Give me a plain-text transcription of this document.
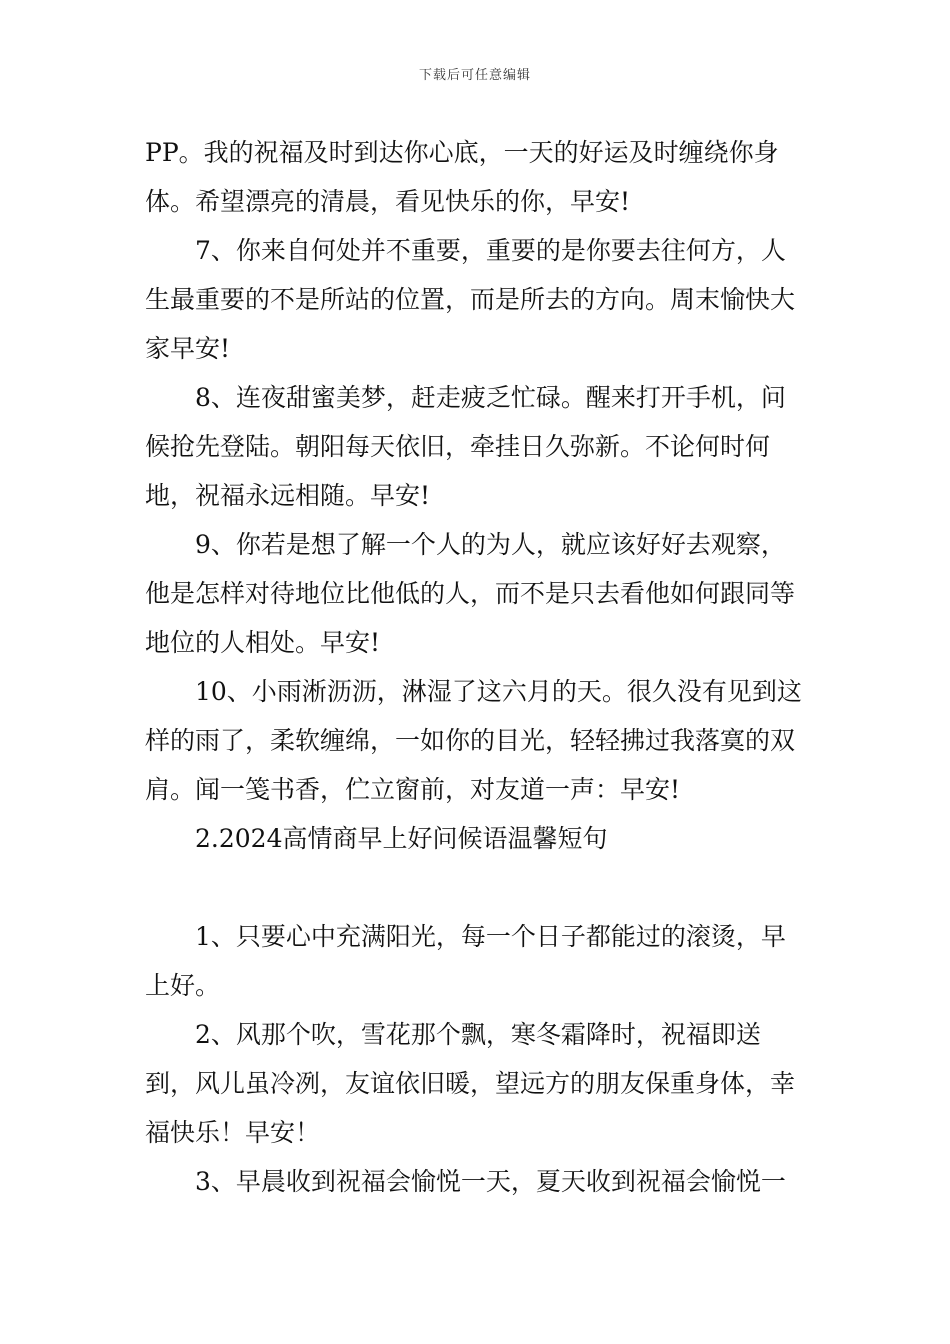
下载后可任意编辑

PP。我的祝福及时到达你心底，一天的好运及时缠绕你身体。希望漂亮的清晨，看见快乐的你，早安!

7、你来自何处并不重要，重要的是你要去往何方，人生最重要的不是所站的位置，而是所去的方向。周末愉快大家早安!

8、连夜甜蜜美梦，赶走疲乏忙碌。醒来打开手机，问候抢先登陆。朝阳每天依旧，牵挂日久弥新。不论何时何地，祝福永远相随。早安!

9、你若是想了解一个人的为人，就应该好好去观察，他是怎样对待地位比他低的人，而不是只去看他如何跟同等地位的人相处。早安!

10、小雨淅沥沥，淋湿了这六月的天。很久没有见到这样的雨了，柔软缠绵，一如你的目光，轻轻拂过我落寞的双肩。闻一笺书香，伫立窗前，对友道一声：早安!

2.2024高情商早上好问候语温馨短句

1、只要心中充满阳光，每一个日子都能过的滚烫，早上好。

2、风那个吹，雪花那个飘，寒冬霜降时，祝福即送到，风儿虽冷冽，友谊依旧暖，望远方的朋友保重身体，幸福快乐！早安！

3、早晨收到祝福会愉悦一天，夏天收到祝福会愉悦一
